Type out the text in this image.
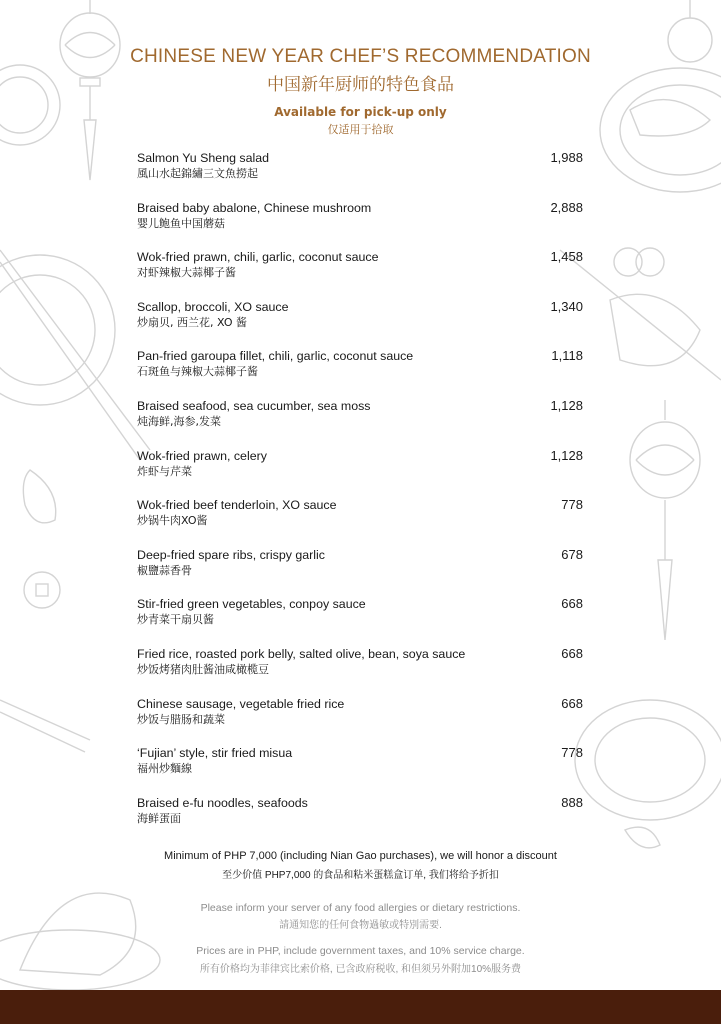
CHINESE NEW YEAR CHEF’S RECOMMENDATION
中国新年厨师的特色食品
Available for pick-up only
仅适用于拾取
Salmon Yu Sheng salad
風山水起錦繡三文魚撈起
1,988
Braised baby abalone, Chinese mushroom
婴儿鲍鱼中国蘑菇
2,888
Wok-fried prawn, chili, garlic, coconut sauce
对虾辣椒大蒜椰子酱
1,458
Scallop, broccoli, XO sauce
炒扇贝, 西兰花, XO 酱
1,340
Pan-fried garoupa fillet, chili, garlic, coconut sauce
石斑鱼与辣椒大蒜椰子酱
1,118
Braised seafood, sea cucumber, sea moss
炖海鲜,海参,发菜
1,128
Wok-fried prawn, celery
炸虾与芹菜
1,128
Wok-fried beef tenderloin, XO sauce
炒锅牛肉XO酱
778
Deep-fried spare ribs, crispy garlic
椒鹽蒜香骨
678
Stir-fried green vegetables, conpoy sauce
炒青菜干扇贝酱
668
Fried rice, roasted pork belly, salted olive, bean, soya sauce
炒饭烤猪肉肚酱油咸橄榄豆
668
Chinese sausage, vegetable fried rice
炒饭与腊肠和蔬菜
668
‘Fujian’ style, stir fried misua
福州炒麵線
778
Braised e-fu noodles, seafoods
海鲜蛋面
888
Minimum of PHP 7,000 (including Nian Gao purchases), we will honor a discount
至少价值 PHP7,000 的食品和粘米蛋糕盒订单, 我们将给予折扣
Please inform your server of any food allergies or dietary restrictions.
請通知您的任何食物過敏或特別需要.
Prices are in PHP, include government taxes, and 10% service charge.
所有价格均为菲律宾比索价格, 已含政府税收, 和但须另外附加10%服务费
